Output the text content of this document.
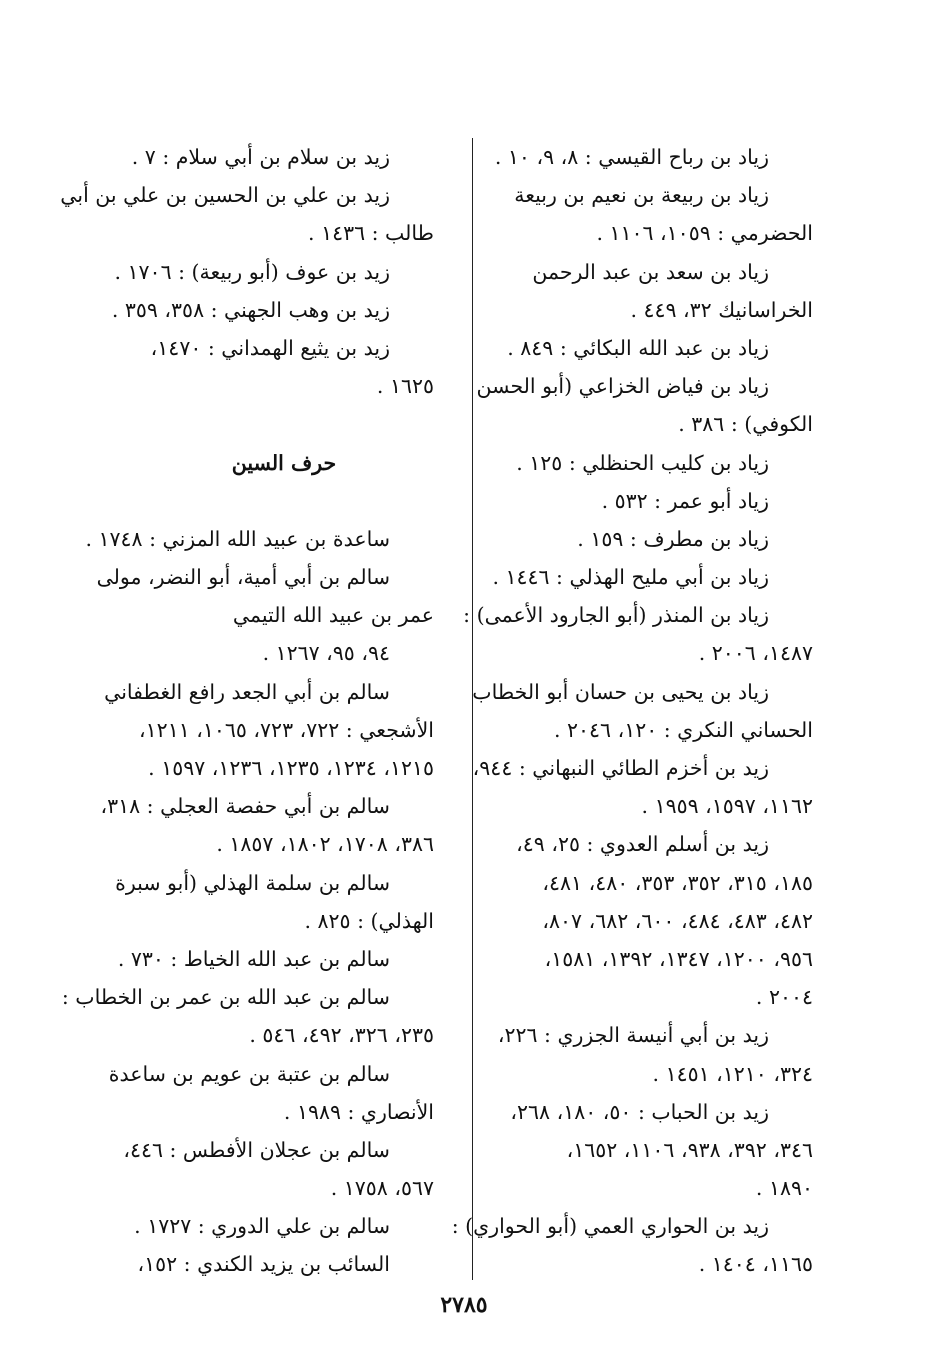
زياد بن رباح القيسي : ٨، ٩، ١٠ .
زياد بن ربيعة بن نعيم بن ربيعة
الحضرمي : ١٠٥٩، ١١٠٦ .
زياد بن سعد بن عبد الرحمن
الخراسانيك ٣٢، ٤٤٩ .
زياد بن عبد الله البكائي : ٨٤٩ .
زياد بن فياض الخزاعي (أبو الحسن
الكوفي) : ٣٨٦ .
زياد بن كليب الحنظلي : ١٢٥ .
زياد أبو عمر : ٥٣٢ .
زياد بن مطرف : ١٥٩ .
زياد بن أبي مليح الهذلي : ١٤٤٦ .
زياد بن المنذر (أبو الجارود الأعمى) :
١٤٨٧، ٢٠٠٦ .
زياد بن يحيى بن حسان أبو الخطاب
الحساني النكري : ١٢٠، ٢٠٤٦ .
زيد بن أخزم الطائي النبهاني : ٩٤٤،
١١٦٢، ١٥٩٧، ١٩٥٩ .
زيد بن أسلم العدوي : ٢٥، ٤٩،
١٨٥، ٣١٥، ٣٥٢، ٣٥٣، ٤٨٠، ٤٨١،
٤٨٢، ٤٨٣، ٤٨٤، ٦٠٠، ٦٨٢، ٨٠٧،
٩٥٦، ١٢٠٠، ١٣٤٧، ١٣٩٢، ١٥٨١،
٢٠٠٤ .
زيد بن أبي أنيسة الجزري : ٢٢٦،
٣٢٤، ١٢١٠، ١٤٥١ .
زيد بن الحباب : ٥٠، ١٨٠، ٢٦٨،
٣٤٦، ٣٩٢، ٩٣٨، ١١٠٦، ١٦٥٢،
١٨٩٠ .
زيد بن الحواري العمي (أبو الحواري) :
١١٦٥، ١٤٠٤ .
زيد بن سلام بن أبي سلام : ٧ .
زيد بن علي بن الحسين بن علي بن أبي
طالب : ١٤٣٦ .
زيد بن عوف (أبو ربيعة) : ١٧٠٦ .
زيد بن وهب الجهني : ٣٥٨، ٣٥٩ .
زيد بن يثيع الهمداني : ١٤٧٠،
١٦٢٥ .
حرف السين
ساعدة بن عبيد الله المزني : ١٧٤٨ .
سالم بن أبي أمية، أبو النضر، مولى
عمر بن عبيد الله التيمي
٩٤، ٩٥، ١٢٦٧ .
سالم بن أبي الجعد رافع الغطفاني
الأشجعي : ٧٢٢، ٧٢٣، ١٠٦٥، ١٢١١،
١٢١٥، ١٢٣٤، ١٢٣٥، ١٢٣٦، ١٥٩٧ .
سالم بن أبي حفصة العجلي : ٣١٨،
٣٨٦، ١٧٠٨، ١٨٠٢، ١٨٥٧ .
سالم بن سلمة الهذلي (أبو سبرة
الهذلي) : ٨٢٥ .
سالم بن عبد الله الخياط : ٧٣٠ .
سالم بن عبد الله بن عمر بن الخطاب :
٢٣٥، ٣٢٦، ٤٩٢، ٥٤٦ .
سالم بن عتبة بن عويم بن ساعدة
الأنصاري : ١٩٨٩ .
سالم بن عجلان الأفطس : ٤٤٦،
٥٦٧، ١٧٥٨ .
سالم بن علي الدوري : ١٧٢٧ .
السائب بن يزيد الكندي : ١٥٢،
٢٧٨٥
